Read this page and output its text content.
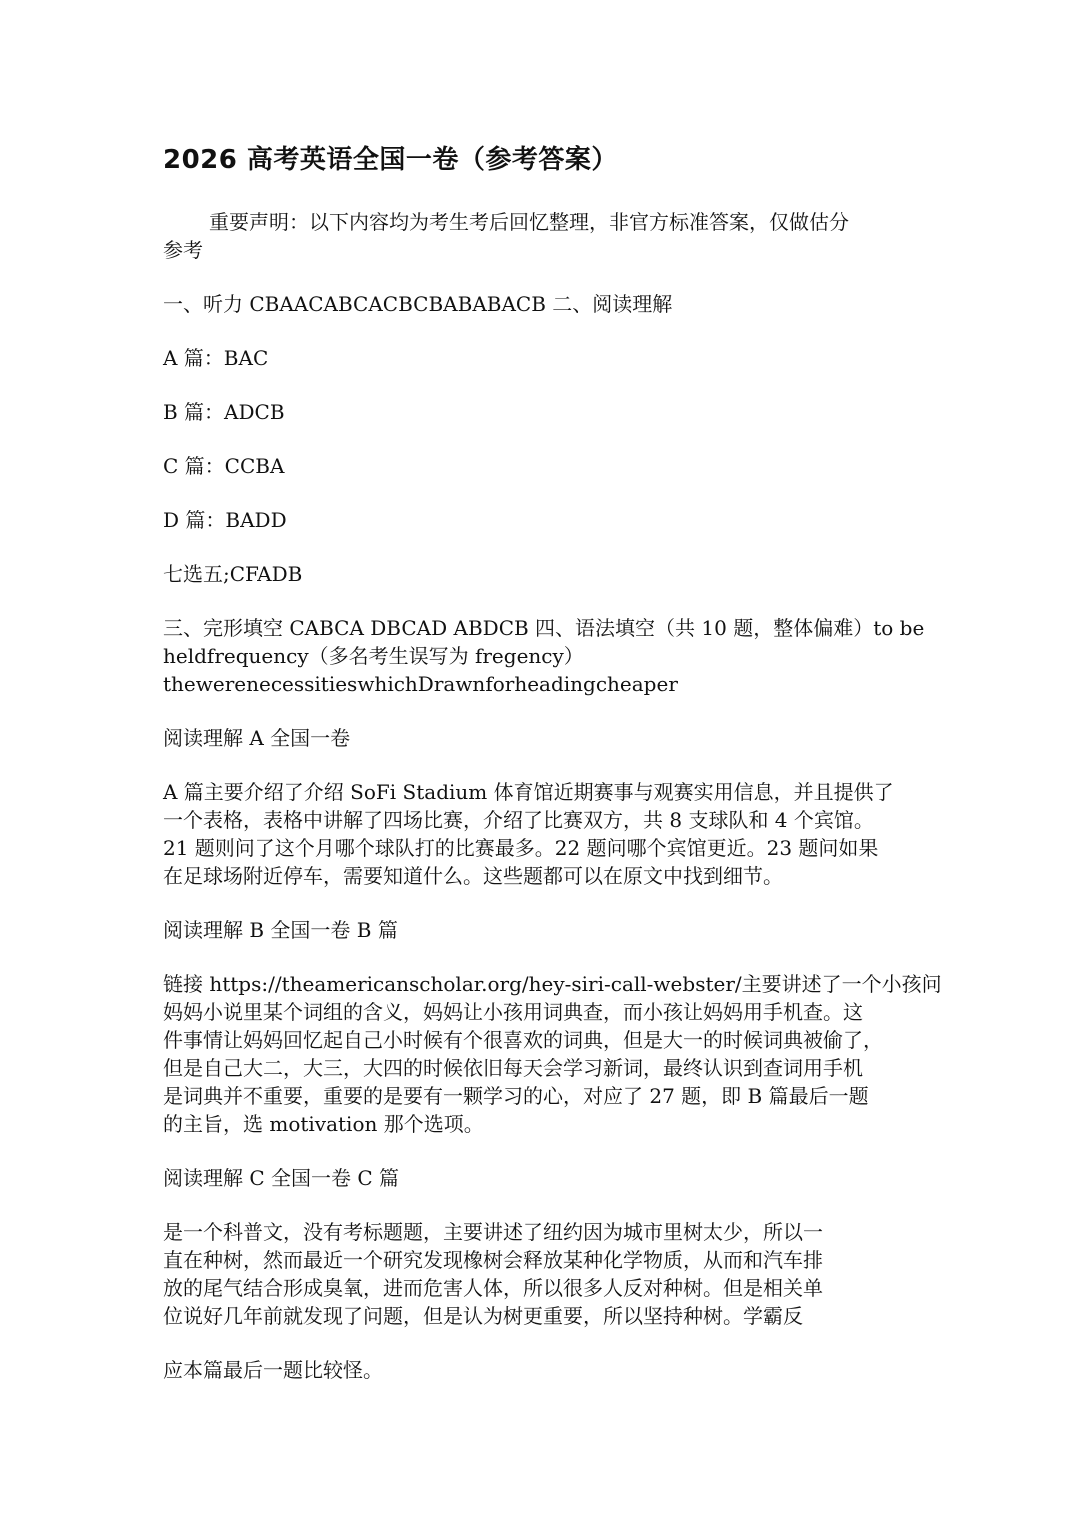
2026 高考英语全国一卷（参考答案）

重要声明：以下内容均为考生考后回忆整理，非官方标准答案，仅做估分
参考

一、听力 CBAACABCACBCBABABACB 二、阅读理解

A 篇：BAC

B 篇：ADCB

C 篇：CCBA

D 篇：BADD

七选五;CFADB

三、完形填空 CABCA DBCAD ABDCB 四、语法填空（共 10 题，整体偏难）to be
heldfrequency（多名考生误写为 fregency）
thewerenecessitieswhichDrawnforheadingcheaper

阅读理解 A 全国一卷

A 篇主要介绍了介绍 SoFi Stadium 体育馆近期赛事与观赛实用信息，并且提供了
一个表格，表格中讲解了四场比赛，介绍了比赛双方，共 8 支球队和 4 个宾馆。
21 题则问了这个月哪个球队打的比赛最多。22 题问哪个宾馆更近。23 题问如果
在足球场附近停车，需要知道什么。这些题都可以在原文中找到细节。

阅读理解 B 全国一卷 B 篇

链接 https://theamericanscholar.org/hey-siri-call-webster/主要讲述了一个小孩问
妈妈小说里某个词组的含义，妈妈让小孩用词典查，而小孩让妈妈用手机查。这
件事情让妈妈回忆起自己小时候有个很喜欢的词典，但是大一的时候词典被偷了，
但是自己大二，大三，大四的时候依旧每天会学习新词，最终认识到查词用手机
是词典并不重要，重要的是要有一颗学习的心，对应了 27 题，即 B 篇最后一题
的主旨，选 motivation 那个选项。

阅读理解 C 全国一卷 C 篇

是一个科普文，没有考标题题，主要讲述了纽约因为城市里树太少，所以一
直在种树，然而最近一个研究发现橡树会释放某种化学物质，从而和汽车排
放的尾气结合形成臭氧，进而危害人体，所以很多人反对种树。但是相关单
位说好几年前就发现了问题，但是认为树更重要，所以坚持种树。学霸反

应本篇最后一题比较怪。
